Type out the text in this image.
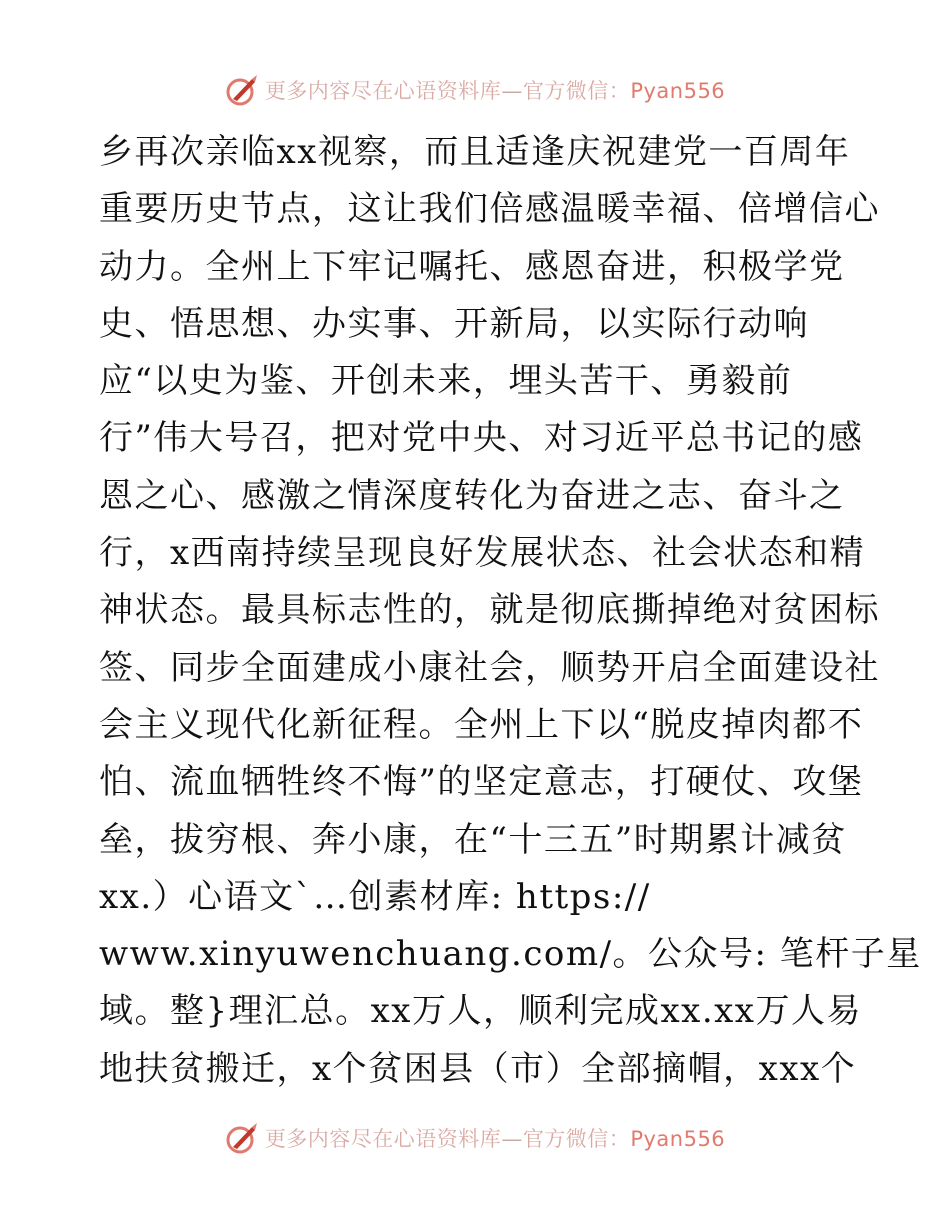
更多内容尽在心语资料库—官方微信：Pyan556
乡再次亲临xx视察，而且适逢庆祝建党一百周年
重要历史节点，这让我们倍感温暖幸福、倍增信心
动力。全州上下牢记嘱托、感恩奋进，积极学党
史、悟思想、办实事、开新局，以实际行动响
应“以史为鉴、开创未来，埋头苦干、勇毅前
行”伟大号召，把对党中央、对习近平总书记的感
恩之心、感激之情深度转化为奋进之志、奋斗之
行，x西南持续呈现良好发展状态、社会状态和精
神状态。最具标志性的，就是彻底撕掉绝对贫困标
签、同步全面建成小康社会，顺势开启全面建设社
会主义现代化新征程。全州上下以“脱皮掉肉都不
怕、流血牺牲终不悔”的坚定意志，打硬仗、攻堡
垒，拔穷根、奔小康，在“十三五”时期累计减贫
xx.）心语文`…创素材库: https://
www.xinyuwenchuang.com/。公众号: 笔杆子星
域。整}理汇总。xx万人，顺利完成xx.xx万人易
地扶贫搬迁，x个贫困县（市）全部摘帽，xxx个
更多内容尽在心语资料库—官方微信：Pyan556
